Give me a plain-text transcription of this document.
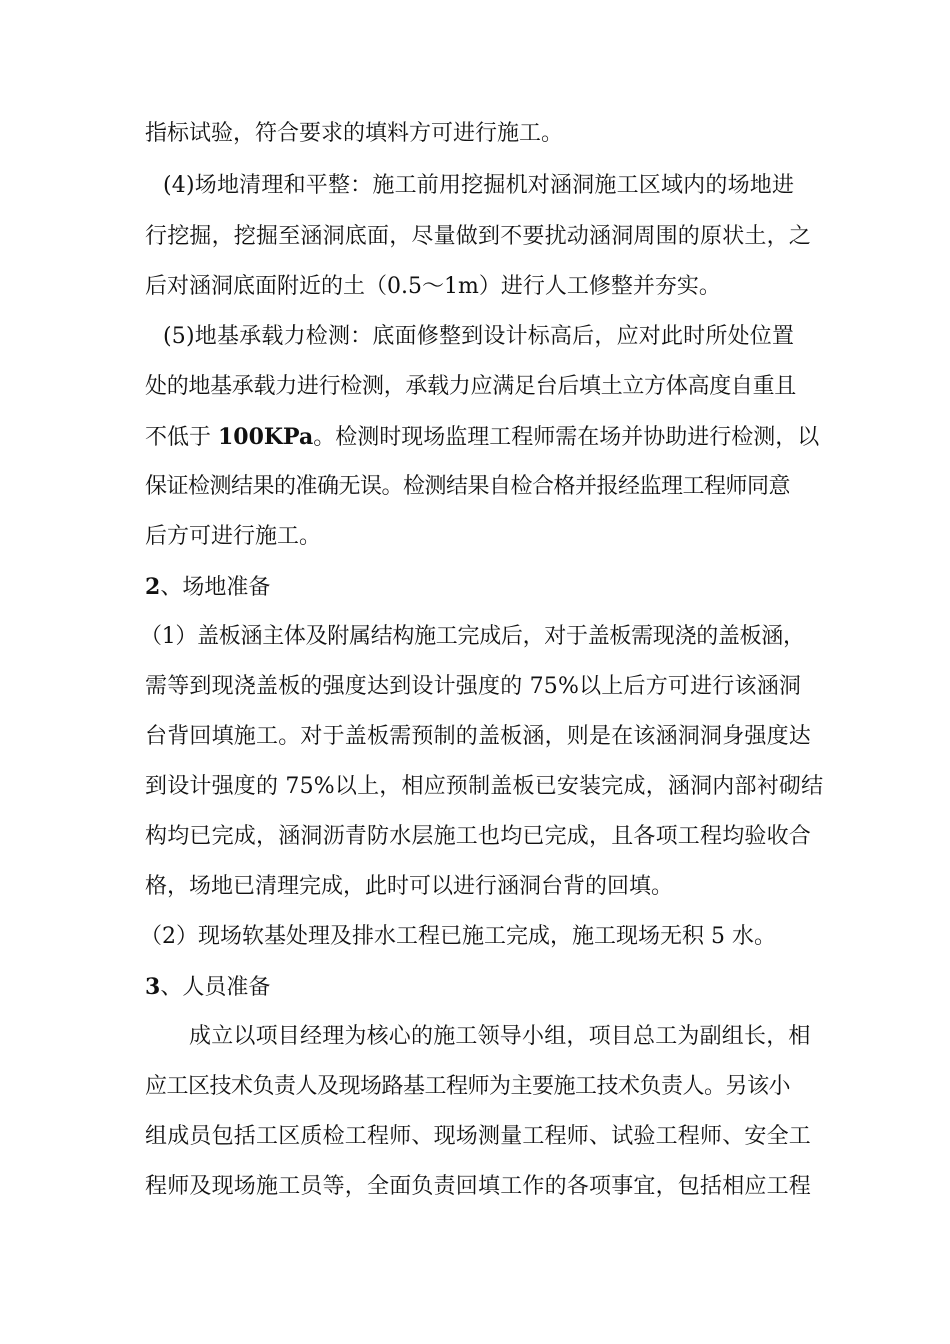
指标试验，符合要求的填料方可进行施工。
(4)场地清理和平整：施工前用挖掘机对涵洞施工区域内的场地进
行挖掘，挖掘至涵洞底面，尽量做到不要扰动涵洞周围的原状土，之
后对涵洞底面附近的土（0.5～1m）进行人工修整并夯实。
(5)地基承载力检测：底面修整到设计标高后，应对此时所处位置
处的地基承载力进行检测，承载力应满足台后填土立方体高度自重且
不低于 100KPa。检测时现场监理工程师需在场并协助进行检测，以
保证检测结果的准确无误。检测结果自检合格并报经监理工程师同意
后方可进行施工。
2、场地准备
（1）盖板涵主体及附属结构施工完成后，对于盖板需现浇的盖板涵，
需等到现浇盖板的强度达到设计强度的 75%以上后方可进行该涵洞
台背回填施工。对于盖板需预制的盖板涵，则是在该涵洞洞身强度达
到设计强度的 75%以上，相应预制盖板已安装完成，涵洞内部衬砌结
构均已完成，涵洞沥青防水层施工也均已完成，且各项工程均验收合
格，场地已清理完成，此时可以进行涵洞台背的回填。
（2）现场软基处理及排水工程已施工完成，施工现场无积 5 水。
3、人员准备
成立以项目经理为核心的施工领导小组，项目总工为副组长，相
应工区技术负责人及现场路基工程师为主要施工技术负责人。另该小
组成员包括工区质检工程师、现场测量工程师、试验工程师、安全工
程师及现场施工员等，全面负责回填工作的各项事宜，包括相应工程
